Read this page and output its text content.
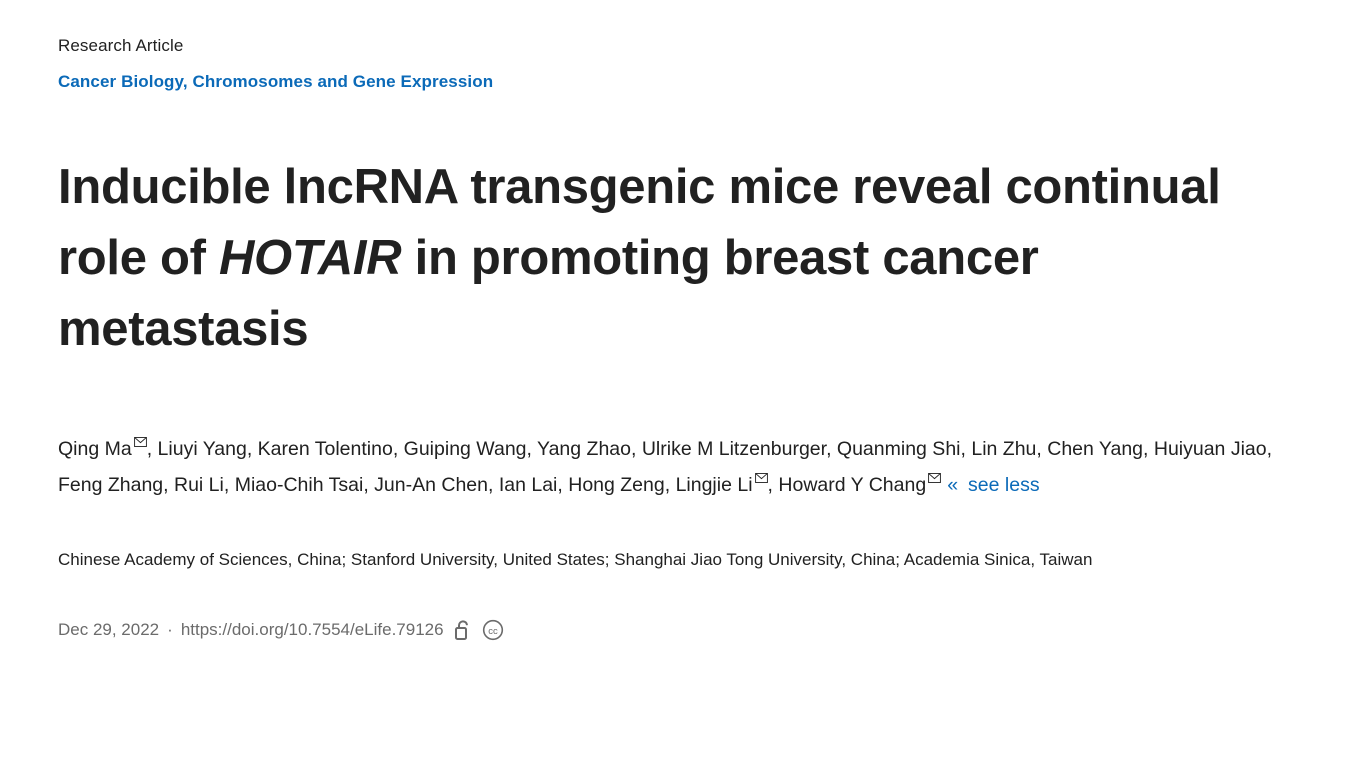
Research Article
Cancer Biology, Chromosomes and Gene Expression
Inducible lncRNA transgenic mice reveal continual role of HOTAIR in promoting breast cancer metastasis
Qing Ma , Liuyi Yang, Karen Tolentino, Guiping Wang, Yang Zhao, Ulrike M Litzenburger, Quanming Shi, Lin Zhu, Chen Yang, Huiyuan Jiao, Feng Zhang, Rui Li, Miao-Chih Tsai, Jun-An Chen, Ian Lai, Hong Zeng, Lingjie Li , Howard Y Chang « see less
Chinese Academy of Sciences, China; Stanford University, United States; Shanghai Jiao Tong University, China; Academia Sinica, Taiwan
Dec 29, 2022 · https://doi.org/10.7554/eLife.79126	cc
